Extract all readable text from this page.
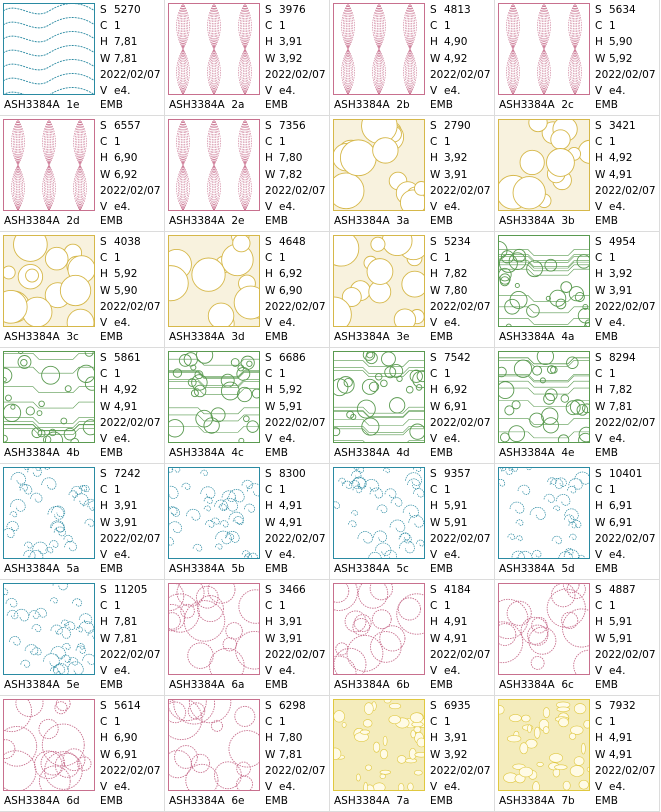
S 5270
C 1
H 7,81
W 7,81
2022/02/07
V e4.
ASH3384A  1e EMB
S 3976
C 1
H 3,91
W 3,92
2022/02/07
V e4.
ASH3384A  2a EMB
S 4813
C 1
H 4,90
W 4,92
2022/02/07
V e4.
ASH3384A  2b EMB
S 5634
C 1
H 5,90
W 5,92
2022/02/07
V e4.
ASH3384A  2c EMB
S 6557
C 1
H 6,90
W 6,92
2022/02/07
V e4.
ASH3384A  2d EMB
S 7356
C 1
H 7,80
W 7,82
2022/02/07
V e4.
ASH3384A  2e EMB
S 2790
C 1
H 3,92
W 3,91
2022/02/07
V e4.
ASH3384A  3a EMB
S 3421
C 1
H 4,92
W 4,91
2022/02/07
V e4.
ASH3384A  3b EMB
S 4038
C 1
H 5,92
W 5,90
2022/02/07
V e4.
ASH3384A  3c EMB
S 4648
C 1
H 6,92
W 6,90
2022/02/07
V e4.
ASH3384A  3d EMB
S 5234
C 1
H 7,82
W 7,80
2022/02/07
V e4.
ASH3384A  3e EMB
S 4954
C 1
H 3,92
W 3,91
2022/02/07
V e4.
ASH3384A  4a EMB
S 5861
C 1
H 4,92
W 4,91
2022/02/07
V e4.
ASH3384A  4b EMB
S 6686
C 1
H 5,92
W 5,91
2022/02/07
V e4.
ASH3384A  4c EMB
S 7542
C 1
H 6,92
W 6,91
2022/02/07
V e4.
ASH3384A  4d EMB
S 8294
C 1
H 7,82
W 7,81
2022/02/07
V e4.
ASH3384A  4e EMB
S 7242
C 1
H 3,91
W 3,91
2022/02/07
V e4.
ASH3384A  5a EMB
S 8300
C 1
H 4,91
W 4,91
2022/02/07
V e4.
ASH3384A  5b EMB
S 9357
C 1
H 5,91
W 5,91
2022/02/07
V e4.
ASH3384A  5c EMB
S 10401
C 1
H 6,91
W 6,91
2022/02/07
V e4.
ASH3384A  5d EMB
S 11205
C 1
H 7,81
W 7,81
2022/02/07
V e4.
ASH3384A  5e EMB
S 3466
C 1
H 3,91
W 3,91
2022/02/07
V e4.
ASH3384A  6a EMB
S 4184
C 1
H 4,91
W 4,91
2022/02/07
V e4.
ASH3384A  6b EMB
S 4887
C 1
H 5,91
W 5,91
2022/02/07
V e4.
ASH3384A  6c EMB
S 5614
C 1
H 6,90
W 6,91
2022/02/07
V e4.
ASH3384A  6d EMB
S 6298
C 1
H 7,80
W 7,81
2022/02/07
V e4.
ASH3384A  6e EMB
S 6935
C 1
H 3,91
W 3,92
2022/02/07
V e4.
ASH3384A  7a EMB
S 7932
C 1
H 4,91
W 4,91
2022/02/07
V e4.
ASH3384A  7b EMB
